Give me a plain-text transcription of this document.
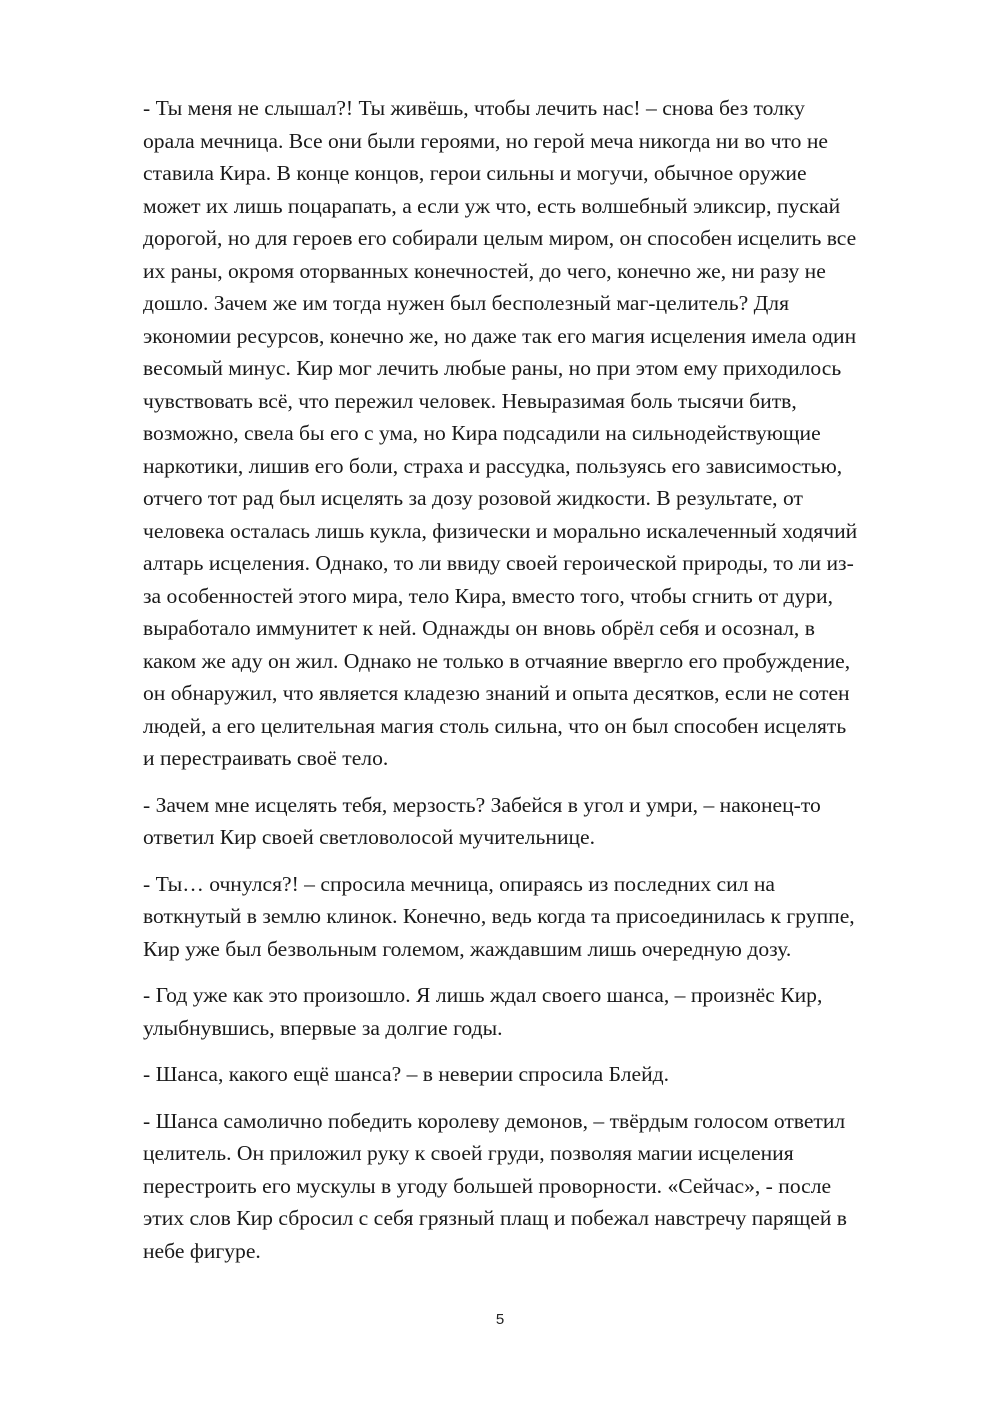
- Ты меня не слышал?! Ты живёшь, чтобы лечить нас! – снова без толку
орала мечница. Все они были героями, но герой меча никогда ни во что не
ставила Кира. В конце концов, герои сильны и могучи, обычное оружие
может их лишь поцарапать, а если уж что, есть волшебный эликсир, пускай
дорогой, но для героев его собирали целым миром, он способен исцелить все
их раны, окромя оторванных конечностей, до чего, конечно же, ни разу не
дошло. Зачем же им тогда нужен был бесполезный маг-целитель? Для
экономии ресурсов, конечно же, но даже так его магия исцеления имела один
весомый минус. Кир мог лечить любые раны, но при этом ему приходилось
чувствовать всё, что пережил человек. Невыразимая боль тысячи битв,
возможно, свела бы его с ума, но Кира подсадили на сильнодействующие
наркотики, лишив его боли, страха и рассудка, пользуясь его зависимостью,
отчего тот рад был исцелять за дозу розовой жидкости. В результате, от
человека осталась лишь кукла, физически и морально искалеченный ходячий
алтарь исцеления. Однако, то ли ввиду своей героической природы, то ли из-
за особенностей этого мира, тело Кира, вместо того, чтобы сгнить от дури,
выработало иммунитет к ней. Однажды он вновь обрёл себя и осознал, в
каком же аду он жил. Однако не только в отчаяние ввергло его пробуждение,
он обнаружил, что является кладезю знаний и опыта десятков, если не сотен
людей, а его целительная магия столь сильна, что он был способен исцелять
и перестраивать своё тело.

- Зачем мне исцелять тебя, мерзость? Забейся в угол и умри, – наконец-то
ответил Кир своей светловолосой мучительнице.

- Ты… очнулся?! – спросила мечница, опираясь из последних сил на
воткнутый в землю клинок. Конечно, ведь когда та присоединилась к группе,
Кир уже был безвольным големом, жаждавшим лишь очередную дозу.

- Год уже как это произошло. Я лишь ждал своего шанса, – произнёс Кир,
улыбнувшись, впервые за долгие годы.

- Шанса, какого ещё шанса? – в неверии спросила Блейд.

- Шанса самолично победить королеву демонов, – твёрдым голосом ответил
целитель. Он приложил руку к своей груди, позволяя магии исцеления
перестроить его мускулы в угоду большей проворности. «Сейчас», - после
этих слов Кир сбросил с себя грязный плащ и побежал навстречу парящей в
небе фигуре.

5
